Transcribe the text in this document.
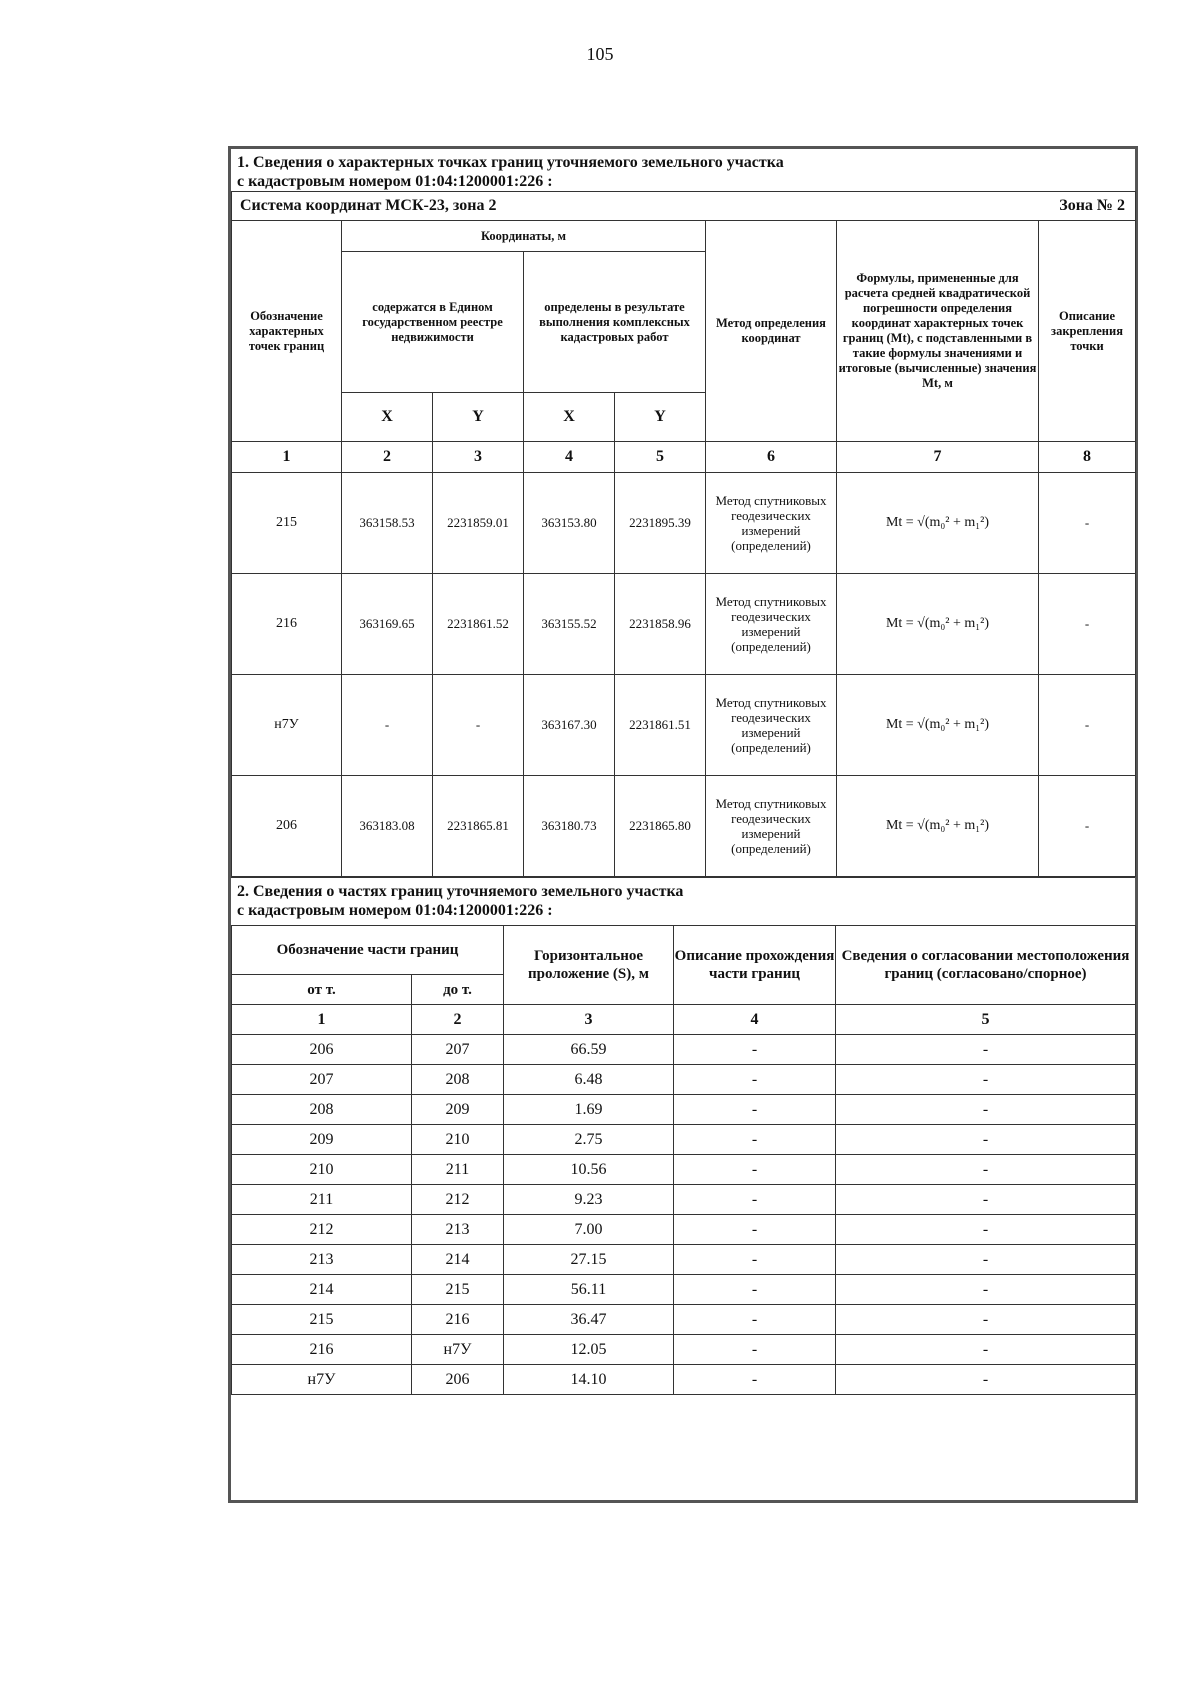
105
1. Сведения о характерных точках границ уточняемого земельного участка
с кадастровым номером 01:04:1200001:226 :
Система координат МСК-23, зона 2						Зона № 2	
Обозначение характерных точек границ	Координаты, м				Метод определения координат	Формулы, примененные для расчета средней квадратической погрешности определения координат характерных точек границ (Mt), с подставленными в такие формулы значениями и итоговые (вычисленные) значения Mt, м	Описание закрепления точки
	содержатся в Едином государственном реестре недвижимости		определены в результате выполнения комплексных кадастровых работ				
	X	Y	X	Y			
1	2	3	4	5	6	7	8
215	363158.53	2231859.01	363153.80	2231895.39	Метод спутниковых геодезических измерений (определений)	Mt = √(m₀² + m₁²)	-
216	363169.65	2231861.52	363155.52	2231858.96	Метод спутниковых геодезических измерений (определений)	Mt = √(m₀² + m₁²)	-
н7У	-	-	363167.30	2231861.51	Метод спутниковых геодезических измерений (определений)	Mt = √(m₀² + m₁²)	-
206	363183.08	2231865.81	363180.73	2231865.80	Метод спутниковых геодезических измерений (определений)	Mt = √(m₀² + m₁²)	-
2. Сведения о частях границ уточняемого земельного участка
с кадастровым номером 01:04:1200001:226 :
Обозначение части границ		Горизонтальное проложение (S), м	Описание прохождения части границ	Сведения о согласовании местоположения границ (согласовано/спорное)
от т.	до т.			
1	2	3	4	5
206	207	66.59	-	-
207	208	6.48	-	-
208	209	1.69	-	-
209	210	2.75	-	-
210	211	10.56	-	-
211	212	9.23	-	-
212	213	7.00	-	-
213	214	27.15	-	-
214	215	56.11	-	-
215	216	36.47	-	-
216	н7У	12.05	-	-
н7У	206	14.10	-	-
